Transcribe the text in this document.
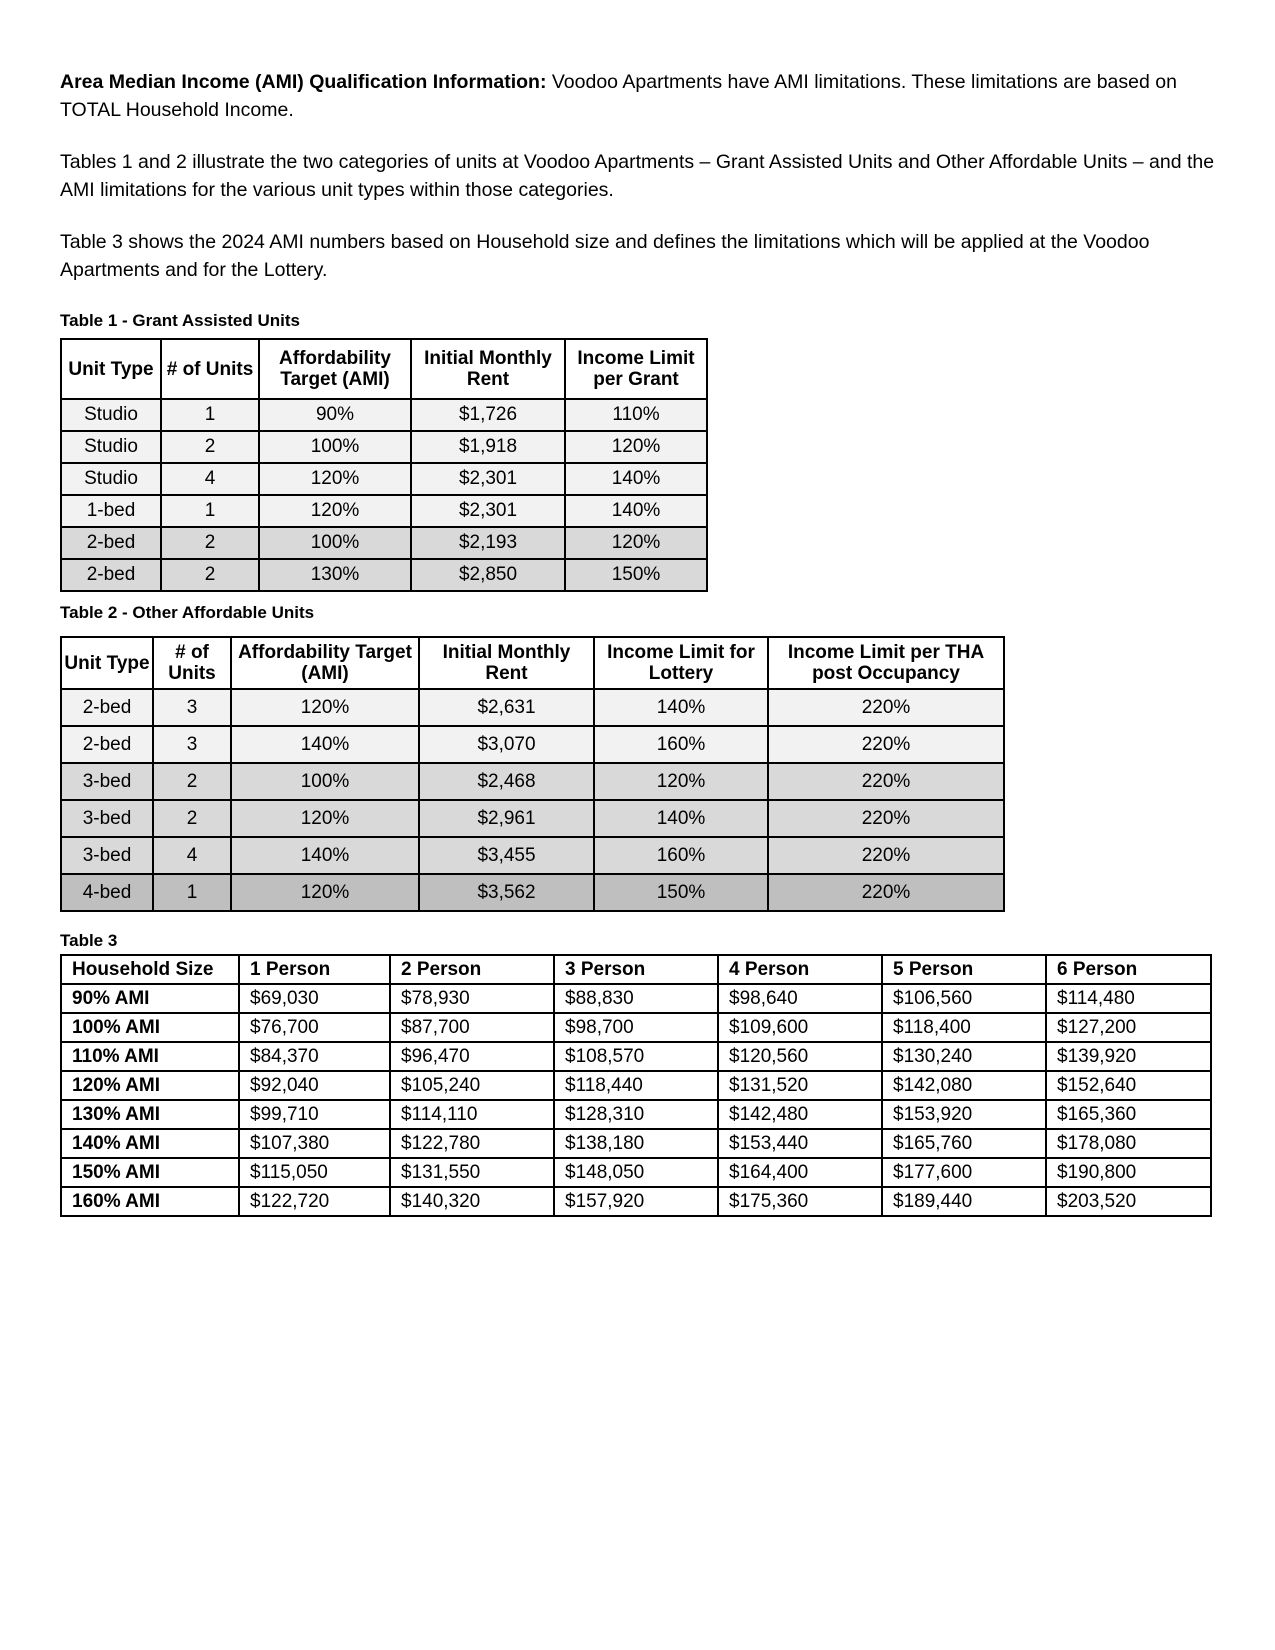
Area Median Income (AMI) Qualification Information: Voodoo Apartments have AMI limitations. These limitations are based on TOTAL Household Income.

Tables 1 and 2 illustrate the two categories of units at Voodoo Apartments – Grant Assisted Units and Other Affordable Units – and the AMI limitations for the various unit types within those categories.

Table 3 shows the 2024 AMI numbers based on Household size and defines the limitations which will be applied at the Voodoo Apartments and for the Lottery.

Table 1 - Grant Assisted Units
Unit Type	# of Units	Affordability Target (AMI)	Initial Monthly Rent	Income Limit per Grant
Studio	1	90%	$1,726	110%
Studio	2	100%	$1,918	120%
Studio	4	120%	$2,301	140%
1-bed	1	120%	$2,301	140%
2-bed	2	100%	$2,193	120%
2-bed	2	130%	$2,850	150%
Table 2 - Other Affordable Units
Unit Type	# of Units	Affordability Target (AMI)	Initial Monthly Rent	Income Limit for Lottery	Income Limit per THA post Occupancy
2-bed	3	120%	$2,631	140%	220%
2-bed	3	140%	$3,070	160%	220%
3-bed	2	100%	$2,468	120%	220%
3-bed	2	120%	$2,961	140%	220%
3-bed	4	140%	$3,455	160%	220%
4-bed	1	120%	$3,562	150%	220%
Table 3
Household Size	1 Person	2 Person	3 Person	4 Person	5 Person	6 Person
90% AMI	$69,030	$78,930	$88,830	$98,640	$106,560	$114,480
100% AMI	$76,700	$87,700	$98,700	$109,600	$118,400	$127,200
110% AMI	$84,370	$96,470	$108,570	$120,560	$130,240	$139,920
120% AMI	$92,040	$105,240	$118,440	$131,520	$142,080	$152,640
130% AMI	$99,710	$114,110	$128,310	$142,480	$153,920	$165,360
140% AMI	$107,380	$122,780	$138,180	$153,440	$165,760	$178,080
150% AMI	$115,050	$131,550	$148,050	$164,400	$177,600	$190,800
160% AMI	$122,720	$140,320	$157,920	$175,360	$189,440	$203,520
